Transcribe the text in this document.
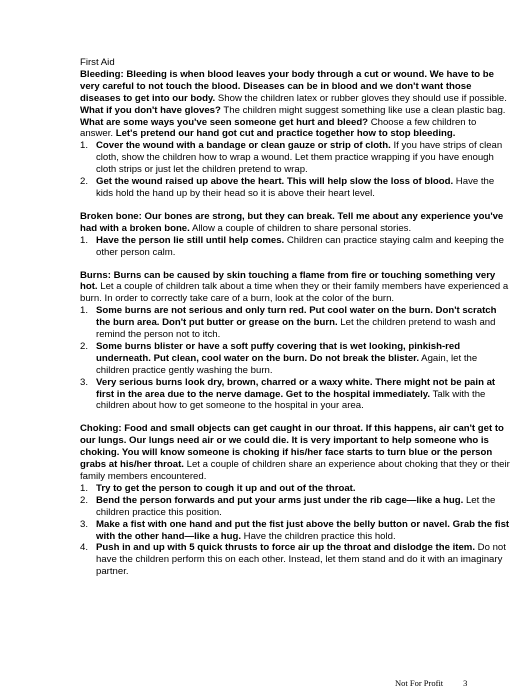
First Aid

Bleeding: Bleeding is when blood leaves your body through a cut or wound. We have to be very careful to not touch the blood. Diseases can be in blood and we don't want those diseases to get into our body. Show the children latex or rubber gloves they should use if possible. What if you don't have gloves? The children might suggest something like use a clean plastic bag. What are some ways you've seen someone get hurt and bleed? Choose a few children to answer. Let's pretend our hand got cut and practice together how to stop bleeding.

1. Cover the wound with a bandage or clean gauze or strip of cloth. If you have strips of clean cloth, show the children how to wrap a wound. Let them practice wrapping if you have enough cloth strips or just let the children pretend to wrap.
2. Get the wound raised up above the heart. This will help slow the loss of blood. Have the kids hold the hand up by their head so it is above their heart level.

Broken bone: Our bones are strong, but they can break. Tell me about any experience you've had with a broken bone. Allow a couple of children to share personal stories.

1. Have the person lie still until help comes. Children can practice staying calm and keeping the other person calm.

Burns: Burns can be caused by skin touching a flame from fire or touching something very hot. Let a couple of children talk about a time when they or their family members have experienced a burn. In order to correctly take care of a burn, look at the color of the burn.

1. Some burns are not serious and only turn red. Put cool water on the burn. Don't scratch the burn area. Don't put butter or grease on the burn. Let the children pretend to wash and remind the person not to itch.
2. Some burns blister or have a soft puffy covering that is wet looking, pinkish-red underneath. Put clean, cool water on the burn. Do not break the blister. Again, let the children practice gently washing the burn.
3. Very serious burns look dry, brown, charred or a waxy white. There might not be pain at first in the area due to the nerve damage. Get to the hospital immediately. Talk with the children about how to get someone to the hospital in your area.

Choking: Food and small objects can get caught in our throat. If this happens, air can't get to our lungs. Our lungs need air or we could die. It is very important to help someone who is choking. You will know someone is choking if his/her face starts to turn blue or the person grabs at his/her throat. Let a couple of children share an experience about choking that they or their family members encountered.

1. Try to get the person to cough it up and out of the throat.
2. Bend the person forwards and put your arms just under the rib cage—like a hug. Let the children practice this position.
3. Make a fist with one hand and put the fist just above the belly button or navel. Grab the fist with the other hand—like a hug. Have the children practice this hold.
4. Push in and up with 5 quick thrusts to force air up the throat and dislodge the item. Do not have the children perform this on each other. Instead, let them stand and do it with an imaginary partner.
Not For Profit 3
